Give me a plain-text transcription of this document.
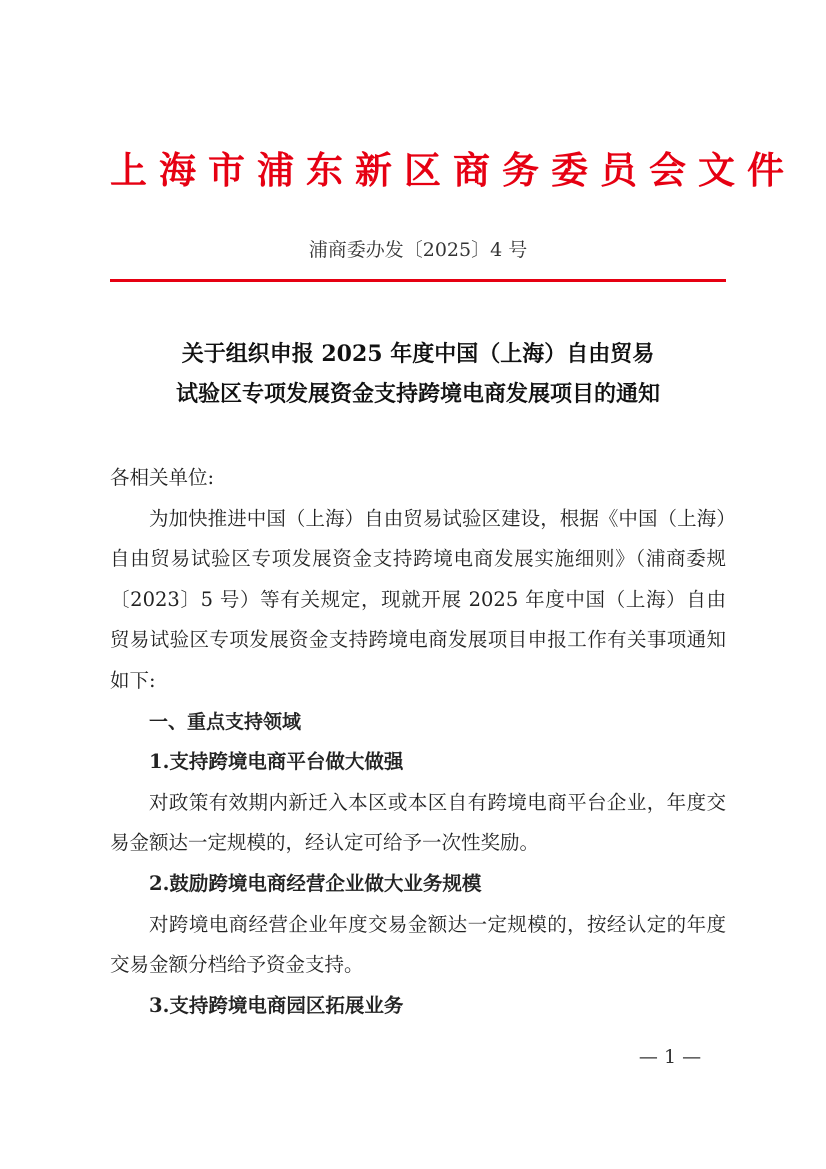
上海市浦东新区商务委员会文件
浦商委办发〔2025〕4 号
关于组织申报 2025 年度中国（上海）自由贸易
试验区专项发展资金支持跨境电商发展项目的通知

各相关单位:

为加快推进中国（上海）自由贸易试验区建设，根据《中国（上海）自由贸易试验区专项发展资金支持跨境电商发展实施细则》（浦商委规〔2023〕5 号）等有关规定，现就开展 2025 年度中国（上海）自由贸易试验区专项发展资金支持跨境电商发展项目申报工作有关事项通知如下:

一、重点支持领域

1.支持跨境电商平台做大做强

对政策有效期内新迁入本区或本区自有跨境电商平台企业，年度交易金额达一定规模的，经认定可给予一次性奖励。

2.鼓励跨境电商经营企业做大业务规模

对跨境电商经营企业年度交易金额达一定规模的，按经认定的年度交易金额分档给予资金支持。

3.支持跨境电商园区拓展业务

— 1 —
